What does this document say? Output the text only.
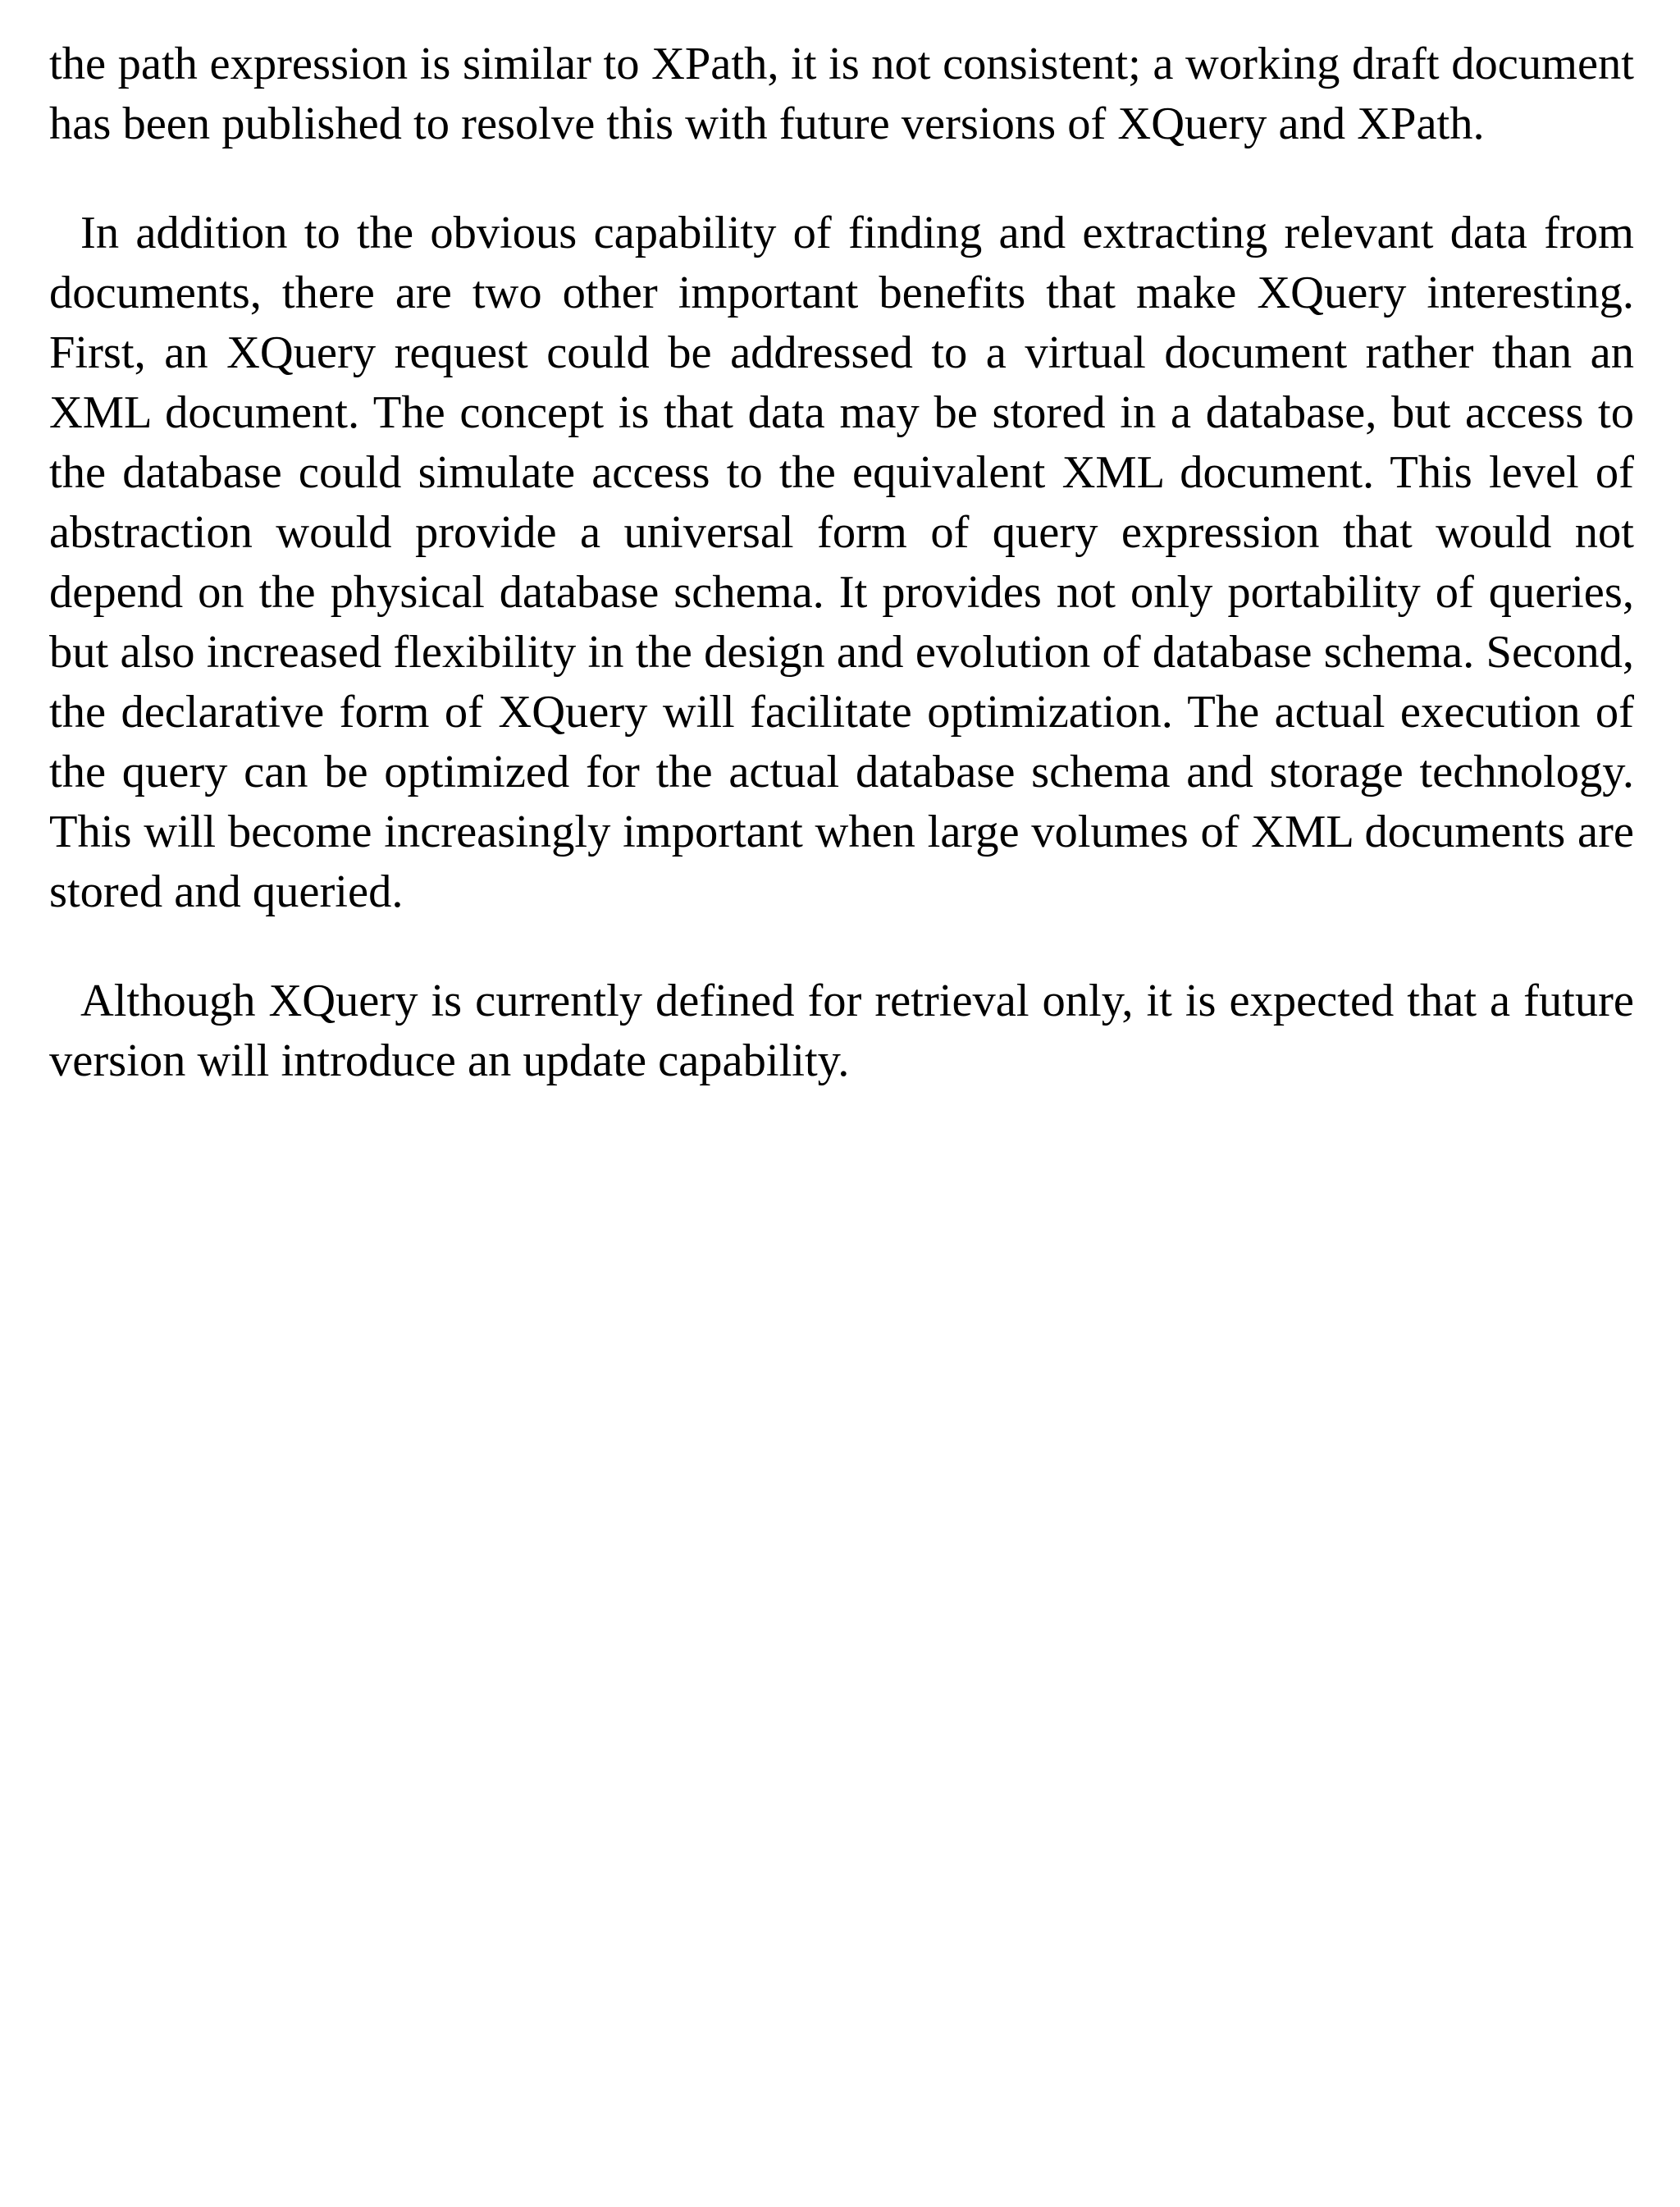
the path expression is similar to XPath, it is not consistent; a working draft document has been published to resolve this with future versions of XQuery and XPath.

In addition to the obvious capability of finding and extracting relevant data from documents, there are two other important benefits that make XQuery interesting. First, an XQuery request could be addressed to a virtual document rather than an XML document. The concept is that data may be stored in a database, but access to the database could simulate access to the equivalent XML document. This level of abstraction would provide a universal form of query expression that would not depend on the physical database schema. It provides not only portability of queries, but also increased flexibility in the design and evolution of database schema. Second, the declarative form of XQuery will facilitate optimization. The actual execution of the query can be optimized for the actual database schema and storage technology. This will become increasingly important when large volumes of XML documents are stored and queried.

Although XQuery is currently defined for retrieval only, it is expected that a future version will introduce an update capability.
